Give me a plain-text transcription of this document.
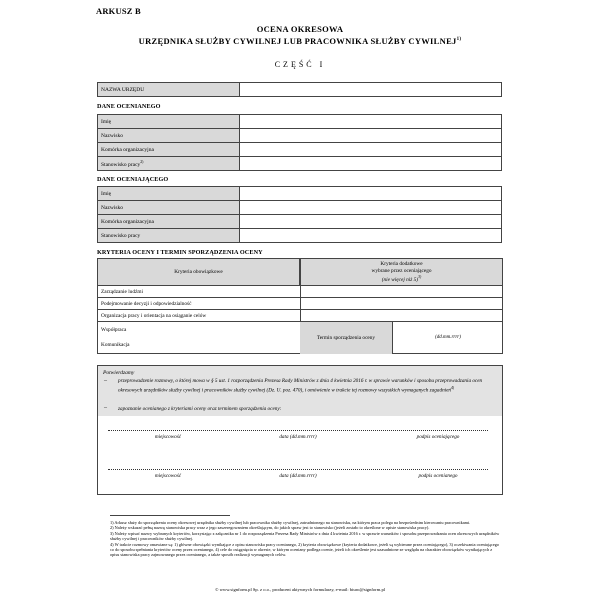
ARKUSZ B
OCENA OKRESOWA
URZĘDNIKA SŁUŻBY CYWILNEJ LUB PRACOWNIKA SŁUŻBY CYWILNEJ$^{1)}$
CZĘŚĆ I
NAZWA URZĘDU	
DANE OCENIANEGO
Imię	
Nazwisko	
Komórka organizacyjna	
Stanowisko pracy$^{2)}$	
DANE OCENIAJĄCEGO
Imię	
Nazwisko	
Komórka organizacyjna	
Stanowisko pracy	
KRYTERIA OCENY I TERMIN SPORZĄDZENIA OCENY
Kryteria obowiązkowe
Kryteria dodatkowe
wybrane przez oceniającego
(nie więcej niż 5)$^{3)}$
Zarządzanie ludźmi
Podejmowanie decyzji i odpowiedzialność
Organizacja pracy i orientacja na osiąganie celów
Współpraca
Komunikacja
Termin sporządzenia oceny	(dd.mm.rrrr)
Potwierdzamy
– przeprowadzenie rozmowy, o której mowa w § 5 ust. 1 rozporządzenia Prezesa Rady Ministrów z dnia 4 kwietnia 2016 r. w sprawie warunków i sposobu przeprowadzania ocen okresowych urzędników służby cywilnej i pracowników służby cywilnej (Dz. U. poz. 470), i omówienie w trakcie tej rozmowy wszystkich wymaganych zagadnień$^{4)}$
– zapoznanie ocenianego z kryteriami oceny oraz terminem sporządzenia oceny:
miejscowość	data (dd.mm.rrrr)	podpis oceniającego
miejscowość	data (dd.mm.rrrr)	podpis ocenianego
1) Arkusz służy do sporządzenia oceny okresowej urzędnika służby cywilnej lub pracownika służby cywilnej, zatrudnionego na stanowisku, na którym praca polega na bezpośrednim kierowaniu pracownikami.
2) Należy wskazać pełną nazwę stanowiska pracy wraz z jego zaszeregowaniem określającym, do jakich spraw jest to stanowisko (jeżeli zostało to określone w opisie stanowiska pracy).
3) Należy wpisać nazwy wybranych kryteriów, korzystając z załącznika nr 1 do rozporządzenia Prezesa Rady Ministrów z dnia 4 kwietnia 2016 r. w sprawie warunków i sposobu przeprowadzania ocen okresowych urzędników służby cywilnej i pracowników służby cywilnej.
4) W trakcie rozmowy omawiane są: 1) główne obowiązki wynikające z opisu stanowiska pracy ocenianego, 2) kryteria obowiązkowe (kryteria dodatkowe, jeżeli są wybierane przez oceniającego), 3) oczekiwania oceniającego co do sposobu spełniania kryteriów oceny przez ocenianego, 4) cele do osiągnięcia w okresie, w którym oceniany podlega ocenie, jeżeli ich określenie jest uzasadnione ze względu na charakter obowiązków wynikających z opisu stanowiska pracy zajmowanego przez ocenianego, a także sposób realizacji wymaganych celów.
© www.signform.pl Sp. z o.o., producent aktywnych formularzy, e-mail: biuro@signform.pl
